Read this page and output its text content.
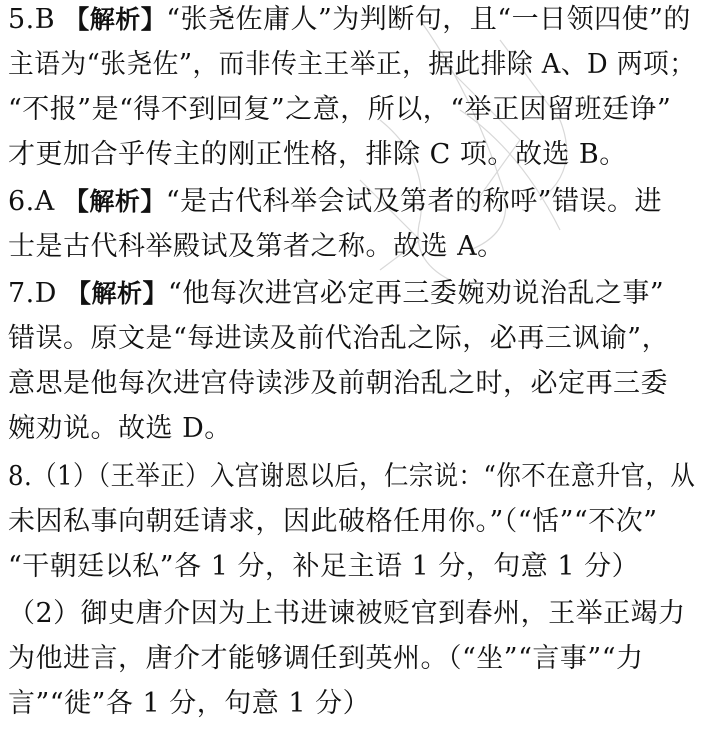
5.B 【解析】“张尧佐庸人”为判断句，且“一日领四使”的
主语为“张尧佐”，而非传主王举正，据此排除 A、D 两项；
“不报”是“得不到回复”之意，所以，“举正因留班廷诤”
才更加合乎传主的刚正性格，排除 C 项。故选 B。
6.A 【解析】“是古代科举会试及第者的称呼”错误。进
士是古代科举殿试及第者之称。故选 A。
7.D 【解析】“他每次进宫必定再三委婉劝说治乱之事”
错误。原文是“每进读及前代治乱之际，必再三讽谕”，
意思是他每次进宫侍读涉及前朝治乱之时，必定再三委
婉劝说。故选 D。
8.（1）（王举正）入宫谢恩以后，仁宗说：“你不在意升官，从
未因私事向朝廷请求，因此破格任用你。”（“恬”“不次”
“干朝廷以私”各 1 分，补足主语 1 分，句意 1 分）
（2）御史唐介因为上书进谏被贬官到春州，王举正竭力
为他进言，唐介才能够调任到英州。（“坐”“言事”“力
言”“徙”各 1 分，句意 1 分）
